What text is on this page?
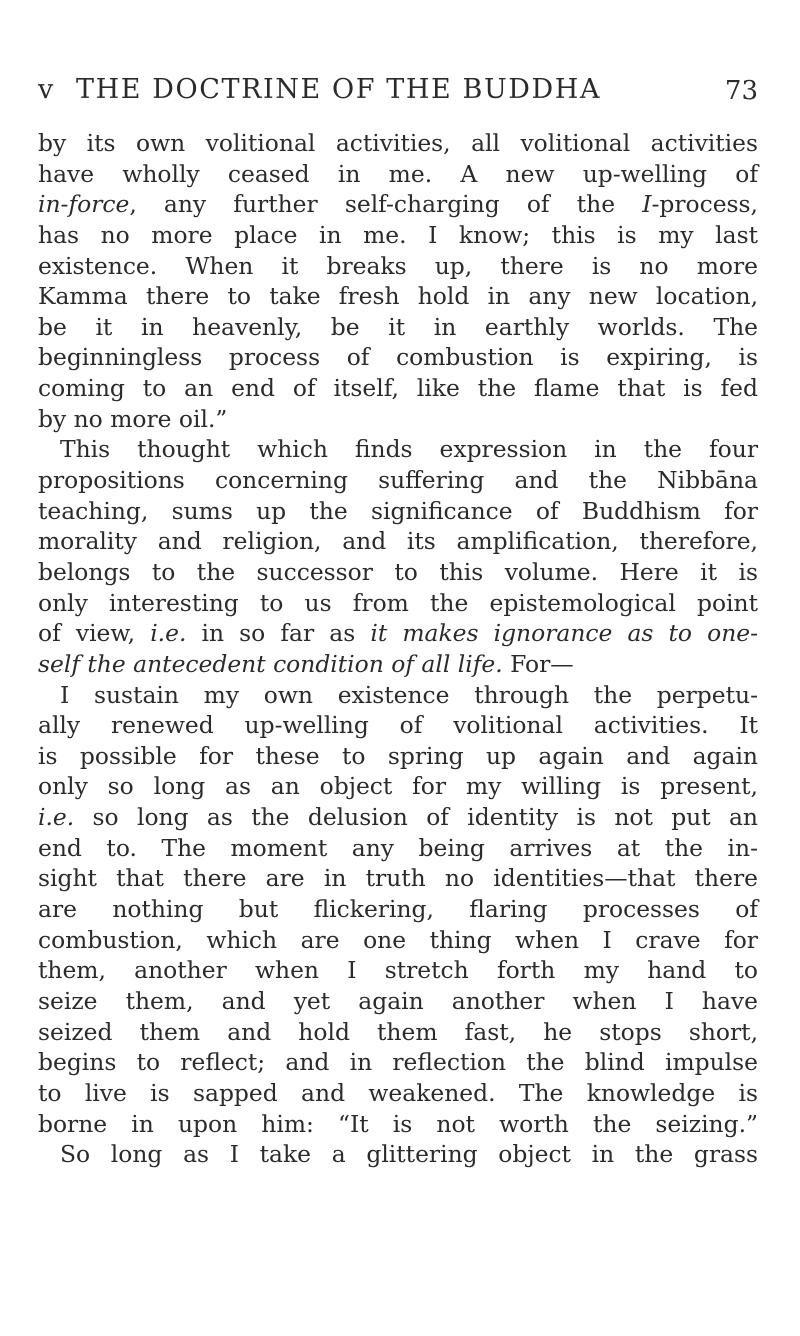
v THE DOCTRINE OF THE BUDDHA	73
by its own volitional activities, all volitional activities
have wholly ceased in me. A new up-welling of
in-force, any further self-charging of the I-process,
has no more place in me. I know; this is my last
existence. When it breaks up, there is no more
Kamma there to take fresh hold in any new location,
be it in heavenly, be it in earthly worlds. The
beginningless process of combustion is expiring, is
coming to an end of itself, like the flame that is fed
by no more oil.”
This thought which finds expression in the four
propositions concerning suffering and the Nibbāna
teaching, sums up the significance of Buddhism for
morality and religion, and its amplification, therefore,
belongs to the successor to this volume. Here it is
only interesting to us from the epistemological point
of view, i.e. in so far as it makes ignorance as to one-
self the antecedent condition of all life. For—
I sustain my own existence through the perpetu-
ally renewed up-welling of volitional activities. It
is possible for these to spring up again and again
only so long as an object for my willing is present,
i.e. so long as the delusion of identity is not put an
end to. The moment any being arrives at the in-
sight that there are in truth no identities—that there
are nothing but flickering, flaring processes of
combustion, which are one thing when I crave for
them, another when I stretch forth my hand to
seize them, and yet again another when I have
seized them and hold them fast, he stops short,
begins to reflect; and in reflection the blind impulse
to live is sapped and weakened. The knowledge is
borne in upon him: “It is not worth the seizing.”
So long as I take a glittering object in the grass
